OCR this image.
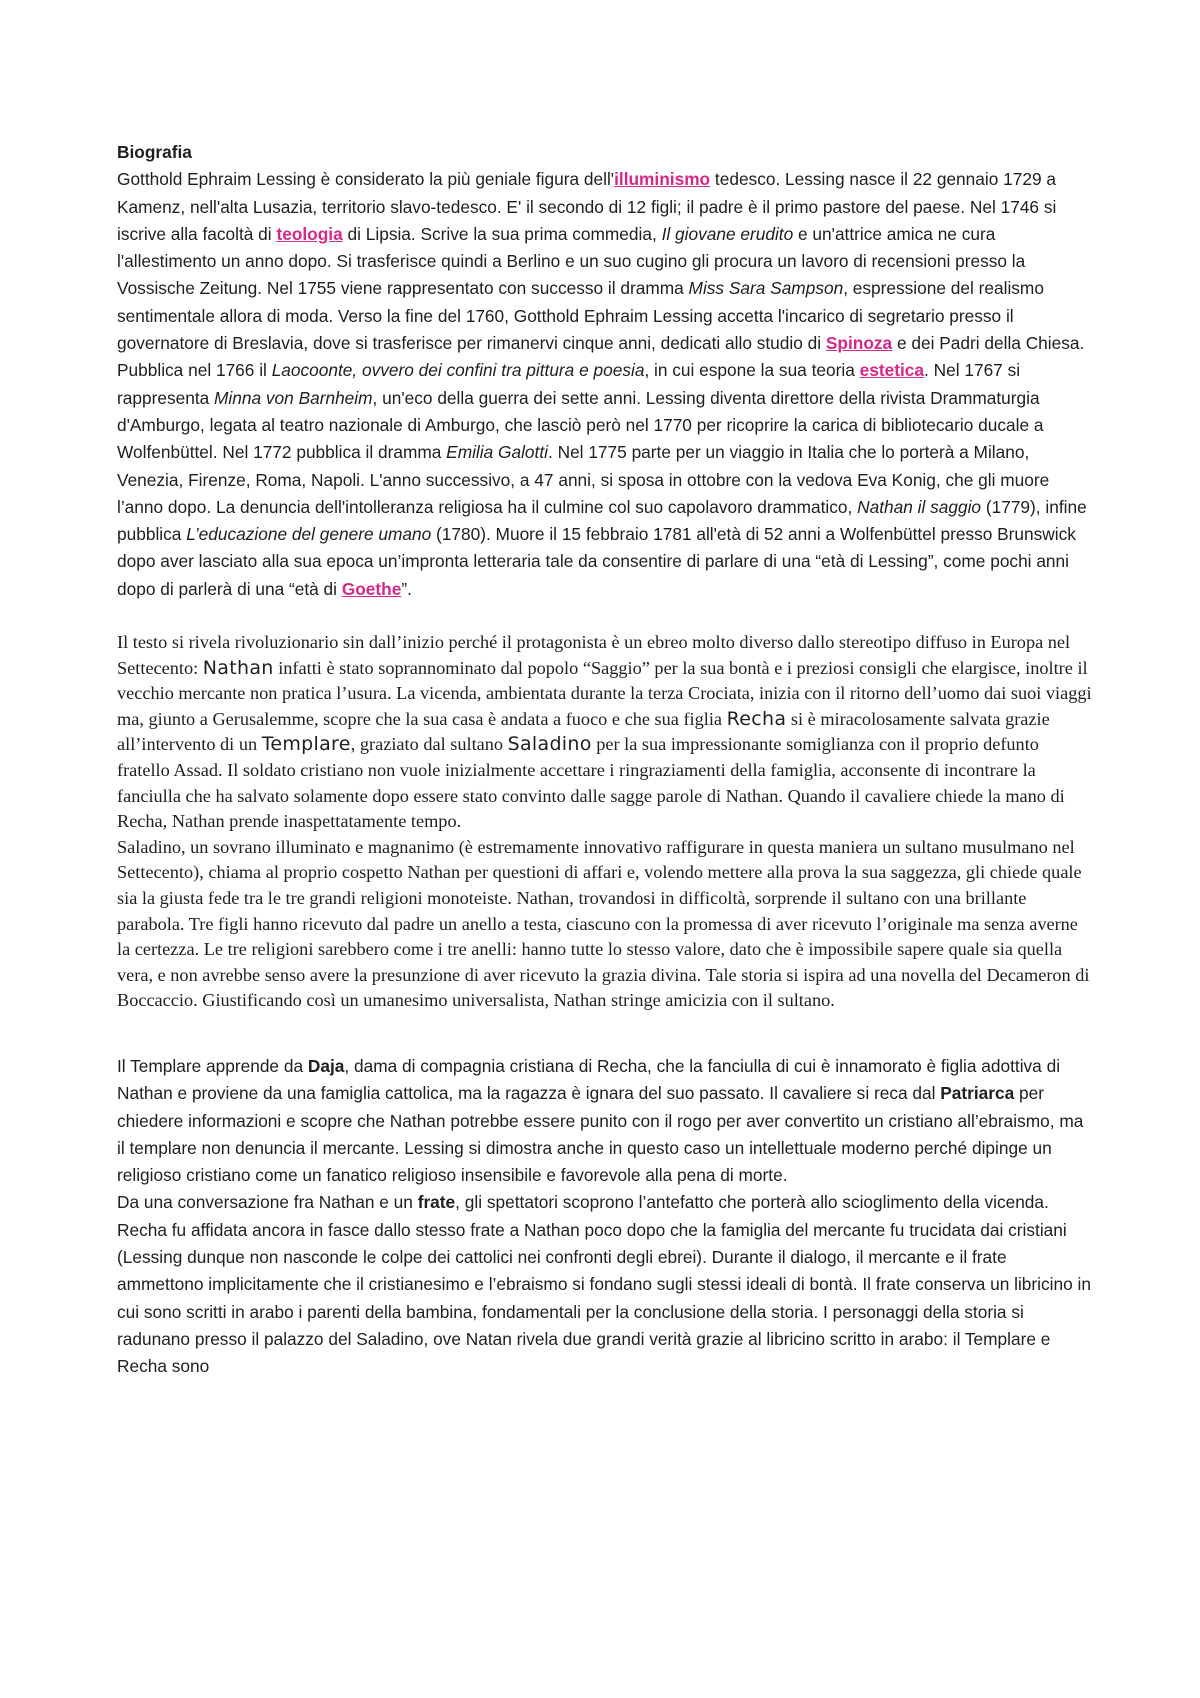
Biografia

Gotthold Ephraim Lessing è considerato la più geniale figura dell'illuminismo tedesco. Lessing nasce il 22 gennaio 1729 a Kamenz, nell'alta Lusazia, territorio slavo-tedesco. E' il secondo di 12 figli; il padre è il primo pastore del paese. Nel 1746 si iscrive alla facoltà di teologia di Lipsia. Scrive la sua prima commedia, Il giovane erudito e un'attrice amica ne cura l'allestimento un anno dopo. Si trasferisce quindi a Berlino e un suo cugino gli procura un lavoro di recensioni presso la Vossische Zeitung. Nel 1755 viene rappresentato con successo il dramma Miss Sara Sampson, espressione del realismo sentimentale allora di moda. Verso la fine del 1760, Gotthold Ephraim Lessing accetta l'incarico di segretario presso il governatore di Breslavia, dove si trasferisce per rimanervi cinque anni, dedicati allo studio di Spinoza e dei Padri della Chiesa. Pubblica nel 1766 il Laocoonte, ovvero dei confini tra pittura e poesia, in cui espone la sua teoria estetica. Nel 1767 si rappresenta Minna von Barnheim, un'eco della guerra dei sette anni. Lessing diventa direttore della rivista Drammaturgia d'Amburgo, legata al teatro nazionale di Amburgo, che lasciò però nel 1770 per ricoprire la carica di bibliotecario ducale a Wolfenbüttel. Nel 1772 pubblica il dramma Emilia Galotti. Nel 1775 parte per un viaggio in Italia che lo porterà a Milano, Venezia, Firenze, Roma, Napoli. L'anno successivo, a 47 anni, si sposa in ottobre con la vedova Eva Konig, che gli muore l’anno dopo. La denuncia dell'intolleranza religiosa ha il culmine col suo capolavoro drammatico, Nathan il saggio (1779), infine pubblica L’educazione del genere umano (1780). Muore il 15 febbraio 1781 all'età di 52 anni a Wolfenbüttel presso Brunswick dopo aver lasciato alla sua epoca un’impronta letteraria tale da consentire di parlare di una “età di Lessing”, come pochi anni dopo di parlerà di una “età di Goethe”.

Il testo si rivela rivoluzionario sin dall’inizio perché il protagonista è un ebreo molto diverso dallo stereotipo diffuso in Europa nel Settecento: Nathan infatti è stato soprannominato dal popolo “Saggio” per la sua bontà e i preziosi consigli che elargisce, inoltre il vecchio mercante non pratica l’usura. La vicenda, ambientata durante la terza Crociata, inizia con il ritorno dell’uomo dai suoi viaggi ma, giunto a Gerusalemme, scopre che la sua casa è andata a fuoco e che sua figlia Recha si è miracolosamente salvata grazie all’intervento di un Templare, graziato dal sultano Saladino per la sua impressionante somiglianza con il proprio defunto fratello Assad. Il soldato cristiano non vuole inizialmente accettare i ringraziamenti della famiglia, acconsente di incontrare la fanciulla che ha salvato solamente dopo essere stato convinto dalle sagge parole di Nathan. Quando il cavaliere chiede la mano di Recha, Nathan prende inaspettatamente tempo.

Saladino, un sovrano illuminato e magnanimo (è estremamente innovativo raffigurare in questa maniera un sultano musulmano nel Settecento), chiama al proprio cospetto Nathan per questioni di affari e, volendo mettere alla prova la sua saggezza, gli chiede quale sia la giusta fede tra le tre grandi religioni monoteiste. Nathan, trovandosi in difficoltà, sorprende il sultano con una brillante parabola. Tre figli hanno ricevuto dal padre un anello a testa, ciascuno con la promessa di aver ricevuto l’originale ma senza averne la certezza. Le tre religioni sarebbero come i tre anelli: hanno tutte lo stesso valore, dato che è impossibile sapere quale sia quella vera, e non avrebbe senso avere la presunzione di aver ricevuto la grazia divina. Tale storia si ispira ad una novella del Decameron di Boccaccio. Giustificando così un umanesimo universalista, Nathan stringe amicizia con il sultano.

Il Templare apprende da Daja, dama di compagnia cristiana di Recha, che la fanciulla di cui è innamorato è figlia adottiva di Nathan e proviene da una famiglia cattolica, ma la ragazza è ignara del suo passato. Il cavaliere si reca dal Patriarca per chiedere informazioni e scopre che Nathan potrebbe essere punito con il rogo per aver convertito un cristiano all’ebraismo, ma il templare non denuncia il mercante. Lessing si dimostra anche in questo caso un intellettuale moderno perché dipinge un religioso cristiano come un fanatico religioso insensibile e favorevole alla pena di morte.

Da una conversazione fra Nathan e un frate, gli spettatori scoprono l’antefatto che porterà allo scioglimento della vicenda. Recha fu affidata ancora in fasce dallo stesso frate a Nathan poco dopo che la famiglia del mercante fu trucidata dai cristiani (Lessing dunque non nasconde le colpe dei cattolici nei confronti degli ebrei). Durante il dialogo, il mercante e il frate ammettono implicitamente che il cristianesimo e l’ebraismo si fondano sugli stessi ideali di bontà. Il frate conserva un libricino in cui sono scritti in arabo i parenti della bambina, fondamentali per la conclusione della storia. I personaggi della storia si radunano presso il palazzo del Saladino, ove Natan rivela due grandi verità grazie al libricino scritto in arabo: il Templare e Recha sono
